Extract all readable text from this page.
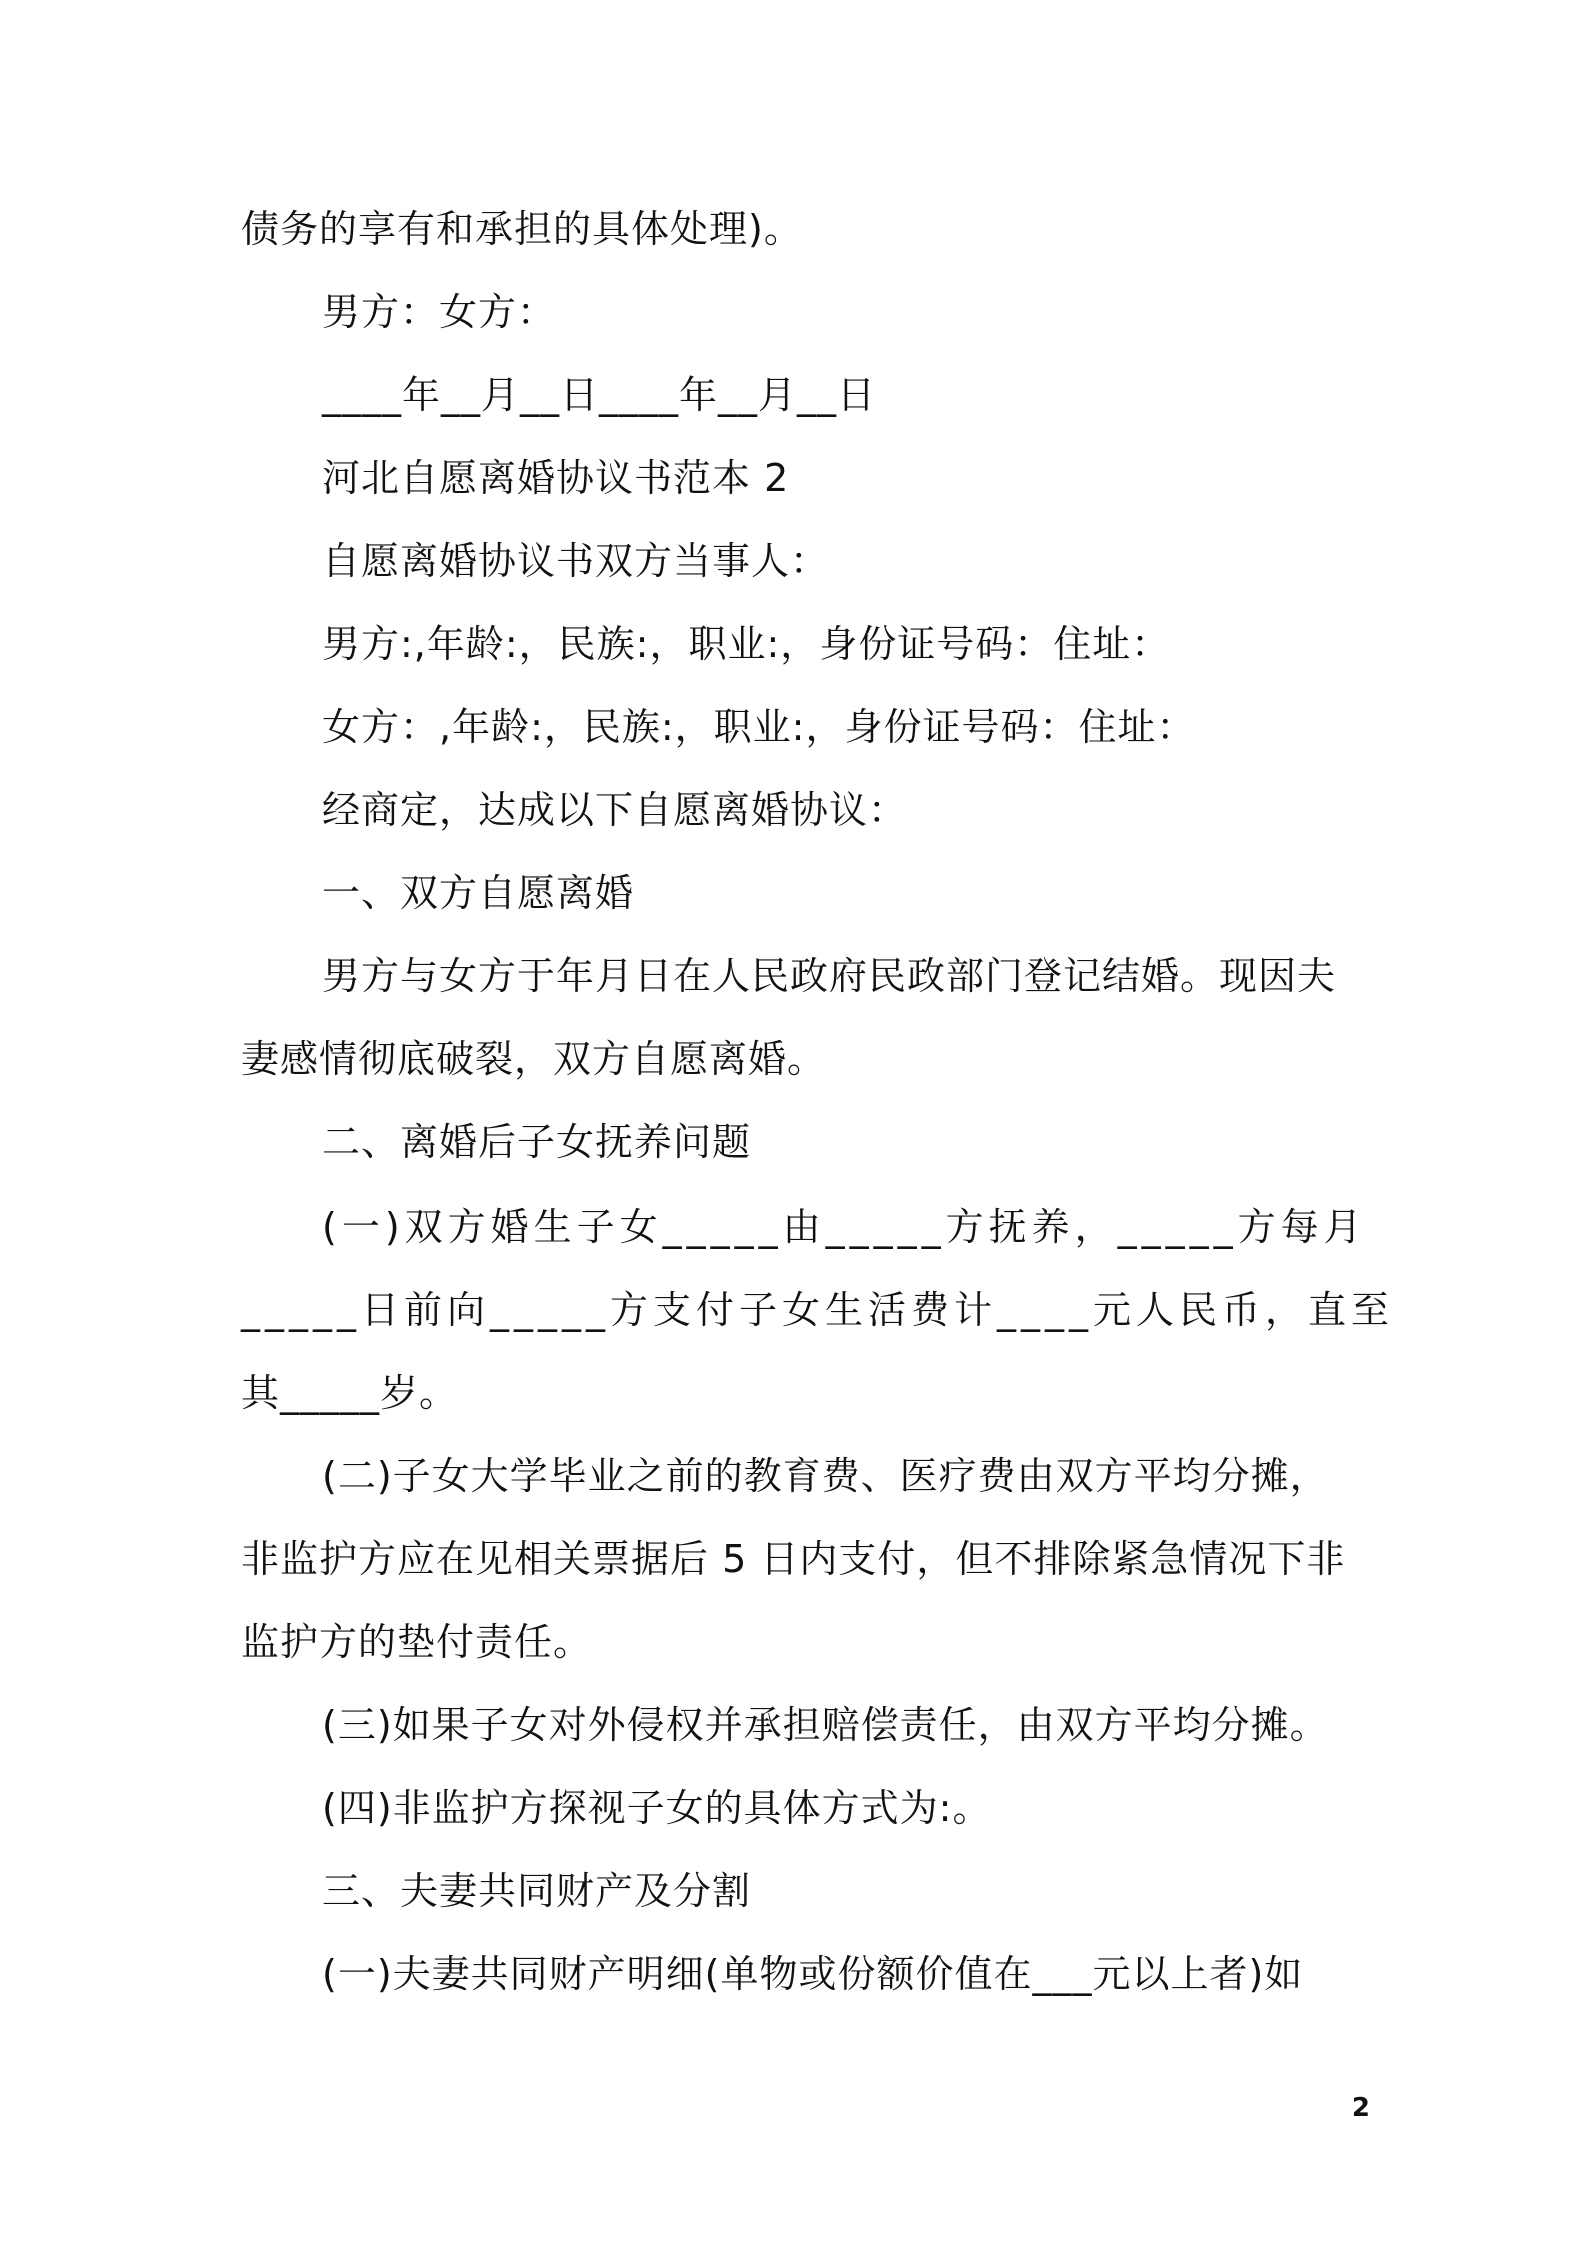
债务的享有和承担的具体处理)。
男方：女方：
____年__月__日____年__月__日
河北自愿离婚协议书范本 2
自愿离婚协议书双方当事人：
男方:,年龄:，民族:，职业:，身份证号码：住址：
女方：,年龄:，民族:，职业:，身份证号码：住址：
经商定，达成以下自愿离婚协议：
一、双方自愿离婚
男方与女方于年月日在人民政府民政部门登记结婚。现因夫
妻感情彻底破裂，双方自愿离婚。
二、离婚后子女抚养问题
(一)双方婚生子女_____由_____方抚养，_____方每月
_____日前向_____方支付子女生活费计____元人民币，直至
其_____岁。
(二)子女大学毕业之前的教育费、医疗费由双方平均分摊，
非监护方应在见相关票据后 5 日内支付，但不排除紧急情况下非
监护方的垫付责任。
(三)如果子女对外侵权并承担赔偿责任，由双方平均分摊。
(四)非监护方探视子女的具体方式为:。
三、夫妻共同财产及分割
(一)夫妻共同财产明细(单物或份额价值在___元以上者)如
2
